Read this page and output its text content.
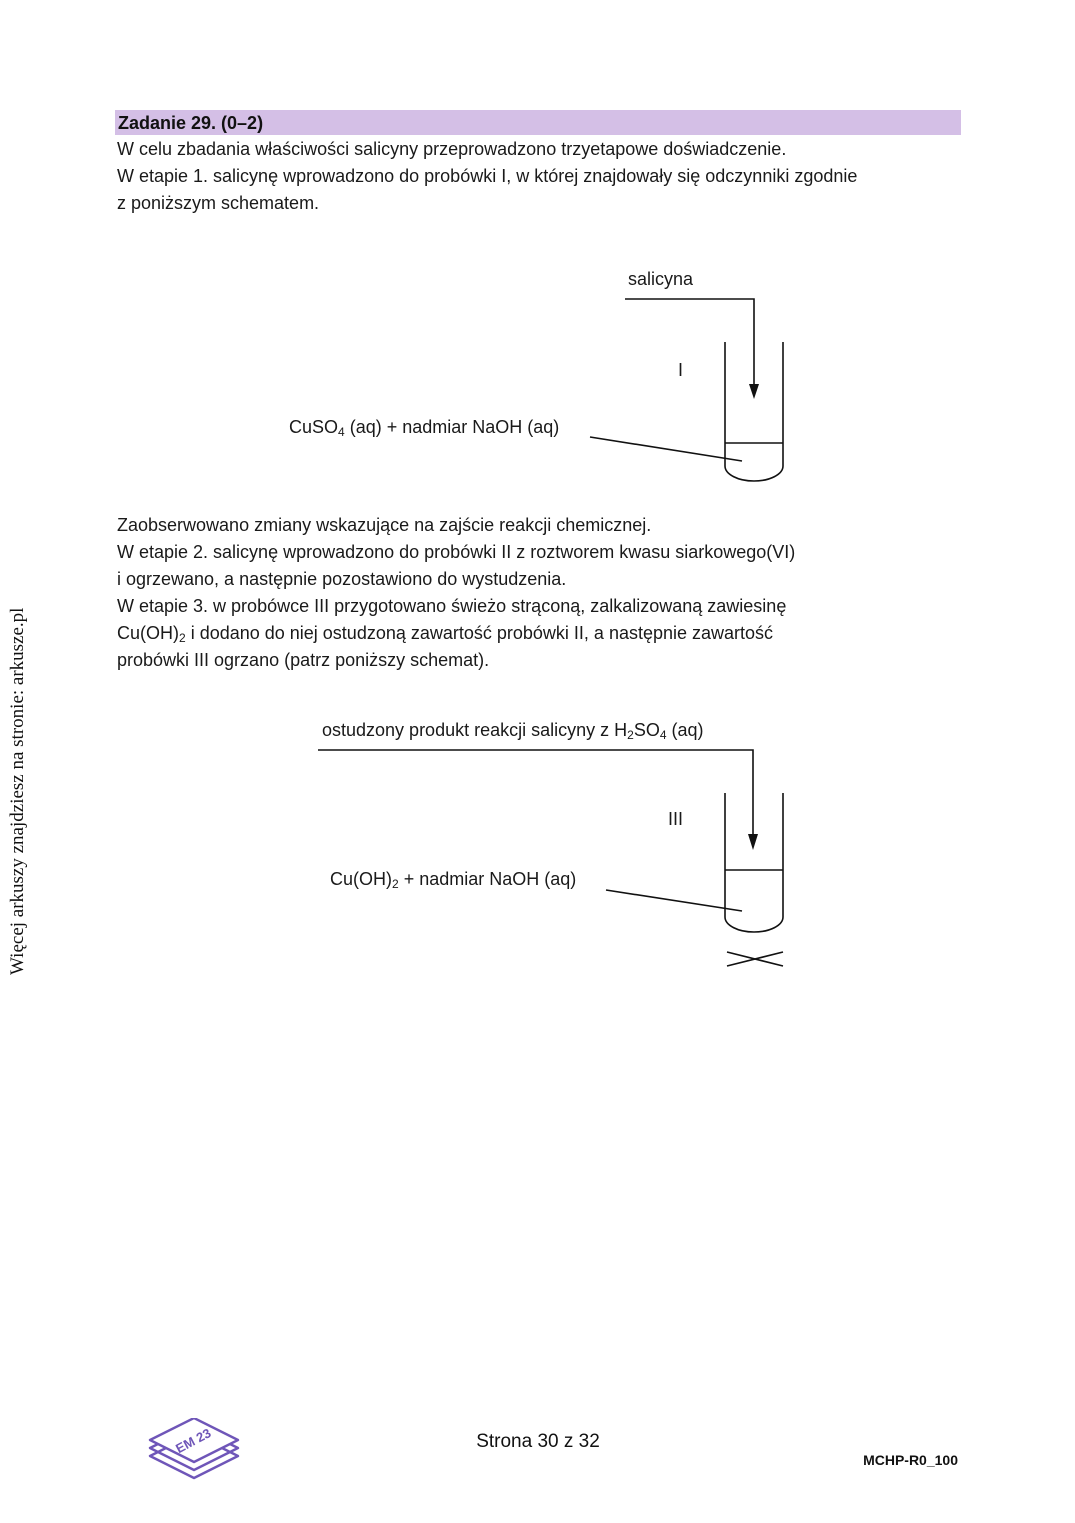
Więcej arkuszy znajdziesz na stronie: arkusze.pl
Zadanie 29. (0–2)

W celu zbadania właściwości salicyny przeprowadzono trzyetapowe doświadczenie.

W etapie 1. salicynę wprowadzono do probówki I, w której znajdowały się odczynniki zgodnie

z poniższym schematem.

salicyna
I
CuSO$_4$ (aq) + nadmiar NaOH (aq)

Zaobserwowano zmiany wskazujące na zajście reakcji chemicznej.

W etapie 2. salicynę wprowadzono do probówki II z roztworem kwasu siarkowego(VI)

i ogrzewano, a następnie pozostawiono do wystudzenia.

W etapie 3. w probówce III przygotowano świeżo strąconą, zalkalizowaną zawiesinę

$Cu(OH)_2$ i dodano do niej ostudzoną zawartość probówki II, a następnie zawartość

probówki III ogrzano (patrz poniższy schemat).

ostudzony produkt reakcji salicyny z $H_2SO_4$ (aq)
III
$Cu(OH)_2$ + nadmiar NaOH (aq)
EM 23	Strona 30 z 32
MCHP-R0_100
